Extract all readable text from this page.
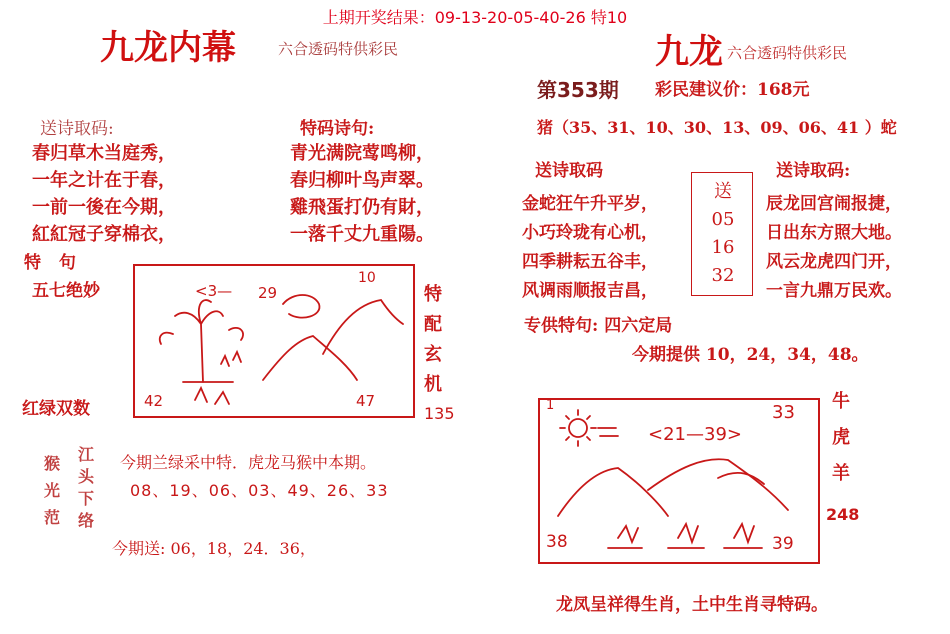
上期开奖结果：09-13-20-05-40-26 特10
九龙内幕	六合透码特供彩民
送诗取码:
春归草木当庭秀，
一年之计在于春，
一前一後在今期，
紅紅冠子穿棉衣，
特码诗句:
青光满院莺鸣柳，
春归柳叶鸟声翠。
雞飛蛋打仍有財，
一落千丈九重陽。
特 句
五七绝妙	<3— 29
10
42	47
特
配
玄
机
135
红绿双数
猴
光
范
江
头
下
络
今期兰绿采中特．虎龙马猴中本期。
08、19、06、03、49、26、33
今期送: 06，18，24．36，
九龙 六合透码特供彩民
第353期 彩民建议价：168元
猪（35、31、10、30、13、09、06、41 ）蛇
送诗取码
金蛇狂午升平岁，
小巧玲珑有心机，
四季耕耘五谷丰，
风调雨顺报吉昌，
送
05
16
32
送诗取码:
辰龙回宫闹报捷，
日出东方照大地。
风云龙虎四门开，
一言九鼎万民欢。
专供特句: 四六定局
今期提供 10，24，34，48。
1	33
<21—39>
38	39
牛
虎
羊
248
龙凤呈祥得生肖，土中生肖寻特码。
